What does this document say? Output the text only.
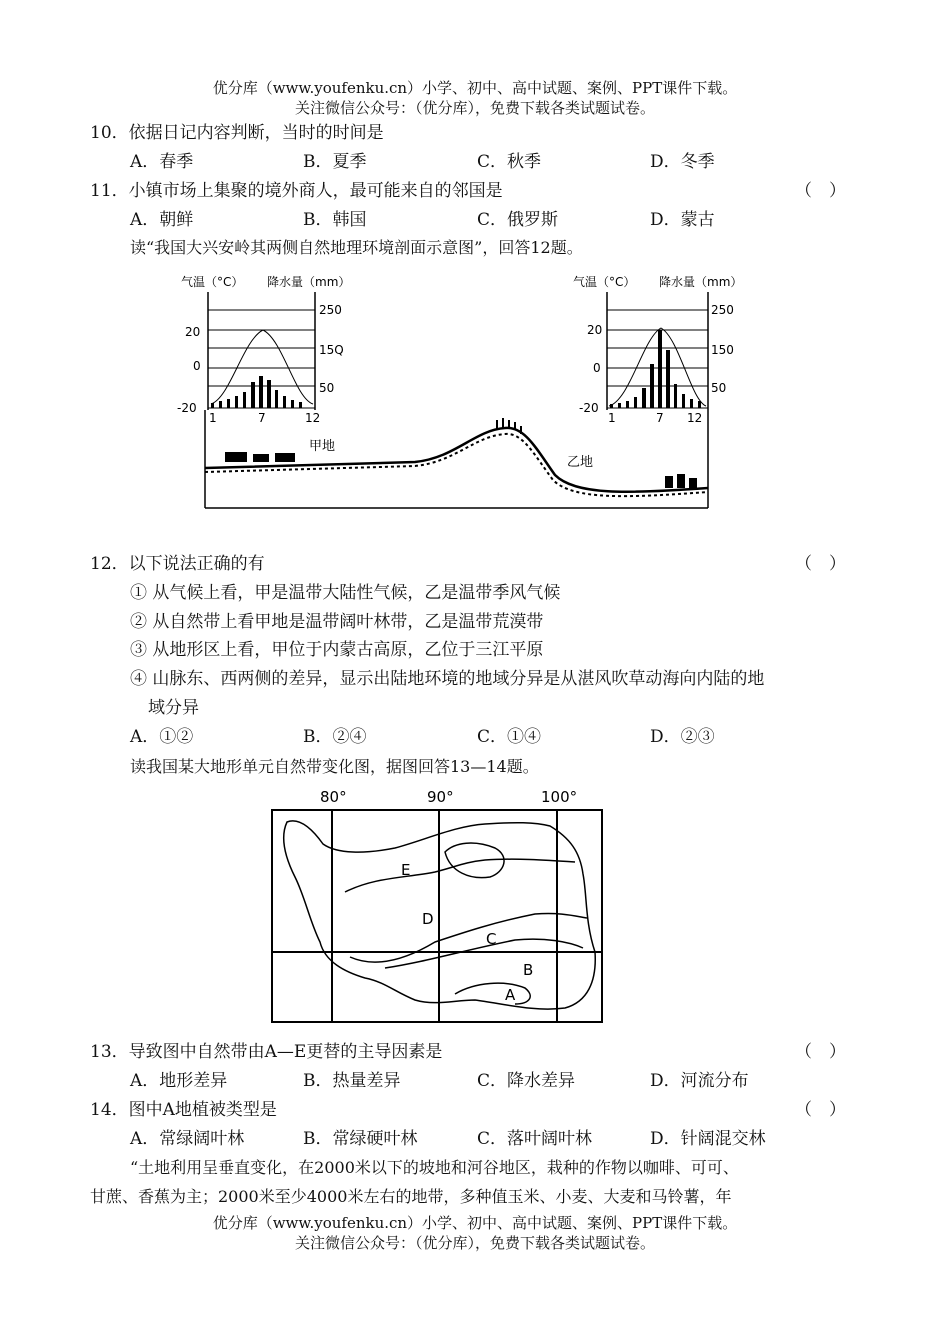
优分库（www.youfenku.cn）小学、初中、高中试题、案例、PPT课件下载。
关注微信公众号：（优分库），免费下载各类试题试卷。
10．依据日记内容判断，当时的时间是
A．春季	B．夏季	C．秋季	D．冬季
11．小镇市场上集聚的境外商人，最可能来自的邻国是	（　）
A．朝鲜	B．韩国	C．俄罗斯	D．蒙古
读“我国大兴安岭其两侧自然地理环境剖面示意图”，回答12题。
气温（°C） 降水量（mm）
20
0
-20
250
15Q
50
1	7	12
气温（°C） 降水量（mm）
20
0
-20
250
150
50
1	7 12
甲地
乙地
12．以下说法正确的有	（　）
① 从气候上看，甲是温带大陆性气候，乙是温带季风气候
② 从自然带上看甲地是温带阔叶林带，乙是温带荒漠带
③ 从地形区上看，甲位于内蒙古高原，乙位于三江平原
④ 山脉东、西两侧的差异，显示出陆地环境的地域分异是从湛风吹草动海向内陆的地
域分异
A．①②	B．②④	C．①④	D．②③
读我国某大地形单元自然带变化图，据图回答13—14题。
80°	90°	100°
E
D
C
B
A
13．导致图中自然带由A—E更替的主导因素是	（　）
A．地形差异	B．热量差异	C．降水差异	D．河流分布
14．图中A地植被类型是	（　）
A．常绿阔叶林	B．常绿硬叶林	C．落叶阔叶林	D．针阔混交林
“土地利用呈垂直变化，在2000米以下的坡地和河谷地区，栽种的作物以咖啡、可可、
甘蔗、香蕉为主；2000米至少4000米左右的地带，多种值玉米、小麦、大麦和马铃薯，年
优分库（www.youfenku.cn）小学、初中、高中试题、案例、PPT课件下载。
关注微信公众号：（优分库），免费下载各类试题试卷。
